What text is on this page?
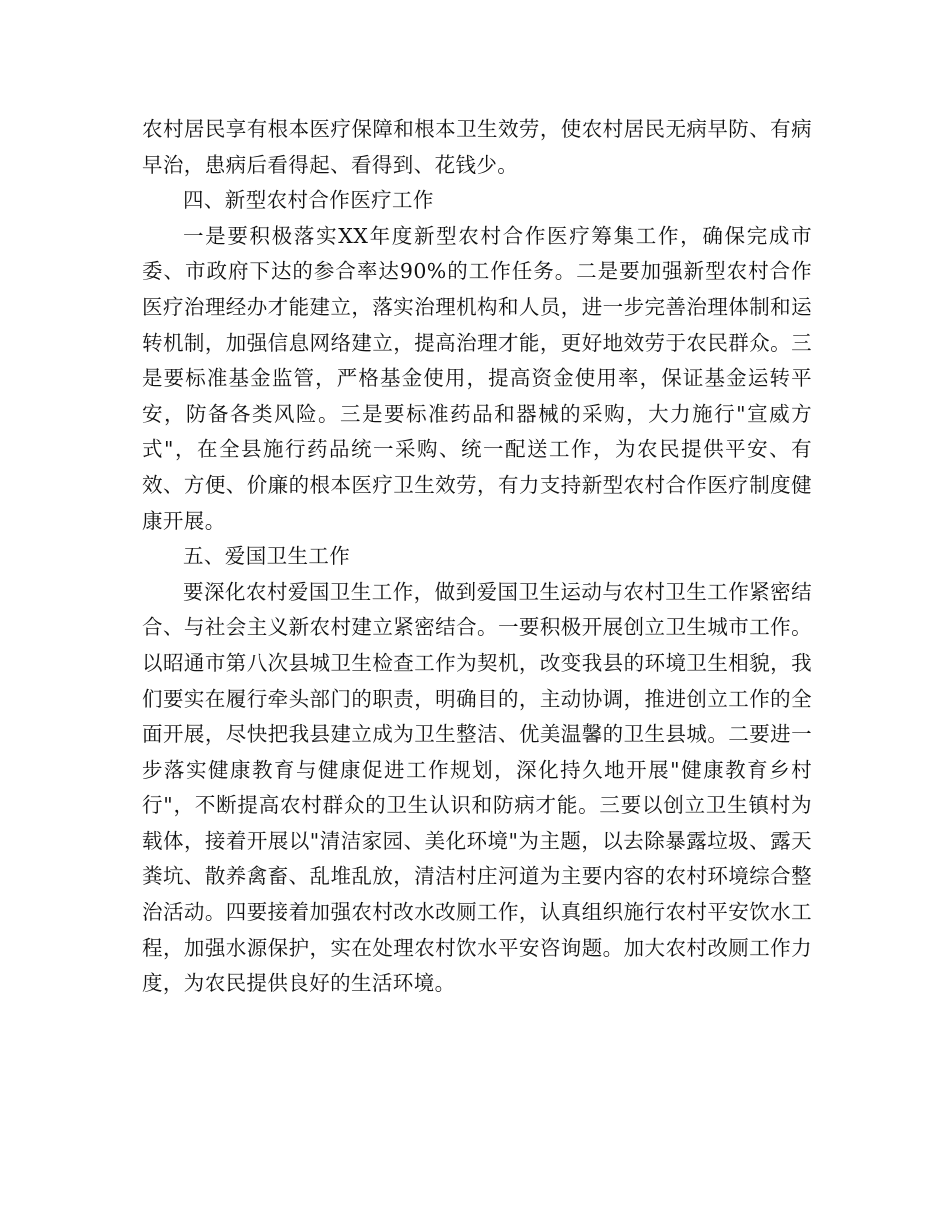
农村居民享有根本医疗保障和根本卫生效劳，使农村居民无病早防、有病早治，患病后看得起、看得到、花钱少。

四、新型农村合作医疗工作

一是要积极落实XX年度新型农村合作医疗筹集工作，确保完成市委、市政府下达的参合率达90%的工作任务。二是要加强新型农村合作医疗治理经办才能建立，落实治理机构和人员，进一步完善治理体制和运转机制，加强信息网络建立，提高治理才能，更好地效劳于农民群众。三是要标准基金监管，严格基金使用，提高资金使用率，保证基金运转平安，防备各类风险。三是要标准药品和器械的采购，大力施行"宣威方式"，在全县施行药品统一采购、统一配送工作，为农民提供平安、有效、方便、价廉的根本医疗卫生效劳，有力支持新型农村合作医疗制度健康开展。

五、爱国卫生工作

要深化农村爱国卫生工作，做到爱国卫生运动与农村卫生工作紧密结合、与社会主义新农村建立紧密结合。一要积极开展创立卫生城市工作。以昭通市第八次县城卫生检查工作为契机，改变我县的环境卫生相貌，我们要实在履行牵头部门的职责，明确目的，主动协调，推进创立工作的全面开展，尽快把我县建立成为卫生整洁、优美温馨的卫生县城。二要进一步落实健康教育与健康促进工作规划，深化持久地开展"健康教育乡村行"，不断提高农村群众的卫生认识和防病才能。三要以创立卫生镇村为载体，接着开展以"清洁家园、美化环境"为主题，以去除暴露垃圾、露天粪坑、散养禽畜、乱堆乱放，清洁村庄河道为主要内容的农村环境综合整治活动。四要接着加强农村改水改厕工作，认真组织施行农村平安饮水工程，加强水源保护，实在处理农村饮水平安咨询题。加大农村改厕工作力度，为农民提供良好的生活环境。
